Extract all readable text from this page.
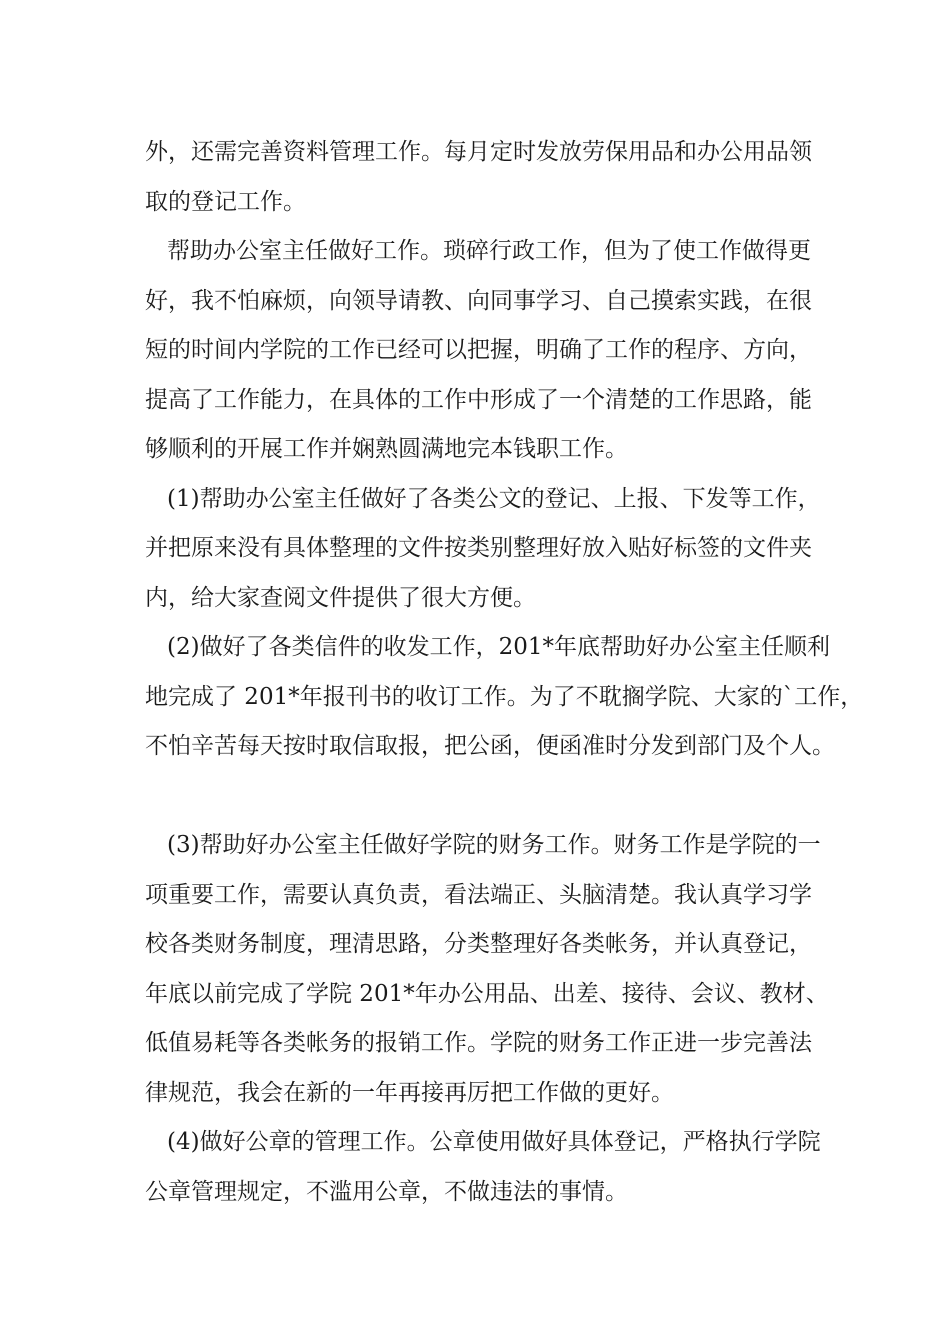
外，还需完善资料管理工作。每月定时发放劳保用品和办公用品领
取的登记工作。
帮助办公室主任做好工作。琐碎行政工作，但为了使工作做得更
好，我不怕麻烦，向领导请教、向同事学习、自己摸索实践，在很
短的时间内学院的工作已经可以把握，明确了工作的程序、方向，
提高了工作能力，在具体的工作中形成了一个清楚的工作思路，能
够顺利的开展工作并娴熟圆满地完本钱职工作。
(1)帮助办公室主任做好了各类公文的登记、上报、下发等工作，
并把原来没有具体整理的文件按类别整理好放入贴好标签的文件夹
内，给大家查阅文件提供了很大方便。
(2)做好了各类信件的收发工作，201*年底帮助好办公室主任顺利
地完成了 201*年报刊书的收订工作。为了不耽搁学院、大家的`工作，
不怕辛苦每天按时取信取报，把公函，便函准时分发到部门及个人。
(3)帮助好办公室主任做好学院的财务工作。财务工作是学院的一
项重要工作，需要认真负责，看法端正、头脑清楚。我认真学习学
校各类财务制度，理清思路，分类整理好各类帐务，并认真登记，
年底以前完成了学院 201*年办公用品、出差、接待、会议、教材、
低值易耗等各类帐务的报销工作。学院的财务工作正进一步完善法
律规范，我会在新的一年再接再厉把工作做的更好。
(4)做好公章的管理工作。公章使用做好具体登记，严格执行学院
公章管理规定，不滥用公章，不做违法的事情。
